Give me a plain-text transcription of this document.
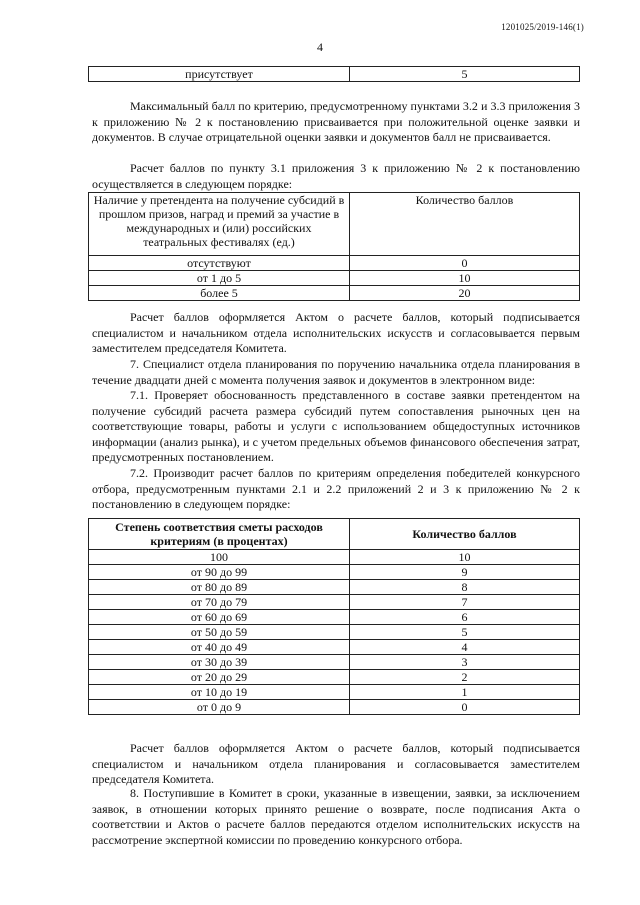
1201025/2019-146(1)
4
присутствует	5

Максимальный балл по критерию, предусмотренному пунктами 3.2 и 3.3 приложения 3 к приложению № 2 к постановлению присваивается при положительной оценке заявки и документов. В случае отрицательной оценки заявки и документов балл не присваивается.

Расчет баллов по пункту 3.1 приложения 3 к приложению № 2 к постановлению осуществляется в следующем порядке:

Наличие у претендента на получение субсидий в прошлом призов, наград и премий за участие в международных и (или) российских театральных фестивалях (ед.)	Количество баллов
отсутствуют	0
от 1 до 5	10
более 5	20

Расчет баллов оформляется Актом о расчете баллов, который подписывается специалистом и начальником отдела исполнительских искусств и согласовывается первым заместителем председателя Комитета.

7. Специалист отдела планирования по поручению начальника отдела планирования в течение двадцати дней с момента получения заявок и документов в электронном виде:

7.1. Проверяет обоснованность представленного в составе заявки претендентом на получение субсидий расчета размера субсидий путем сопоставления рыночных цен на соответствующие товары, работы и услуги с использованием общедоступных источников информации (анализ рынка), и с учетом предельных объемов финансового обеспечения затрат, предусмотренных постановлением.

7.2. Производит расчет баллов по критериям определения победителей конкурсного отбора, предусмотренным пунктами 2.1 и 2.2 приложений 2 и 3 к приложению № 2 к постановлению в следующем порядке:

Степень соответствия сметы расходов критериям (в процентах)	Количество баллов
100	10
от 90 до 99	9
от 80 до 89	8
от 70 до 79	7
от 60 до 69	6
от 50 до 59	5
от 40 до 49	4
от 30 до 39	3
от 20 до 29	2
от 10 до 19	1
от 0 до 9	0

Расчет баллов оформляется Актом о расчете баллов, который подписывается специалистом и начальником отдела планирования и согласовывается заместителем председателя Комитета.

8. Поступившие в Комитет в сроки, указанные в извещении, заявки, за исключением заявок, в отношении которых принято решение о возврате, после подписания Акта о соответствии и Актов о расчете баллов передаются отделом исполнительских искусств на рассмотрение экспертной комиссии по проведению конкурсного отбора.
